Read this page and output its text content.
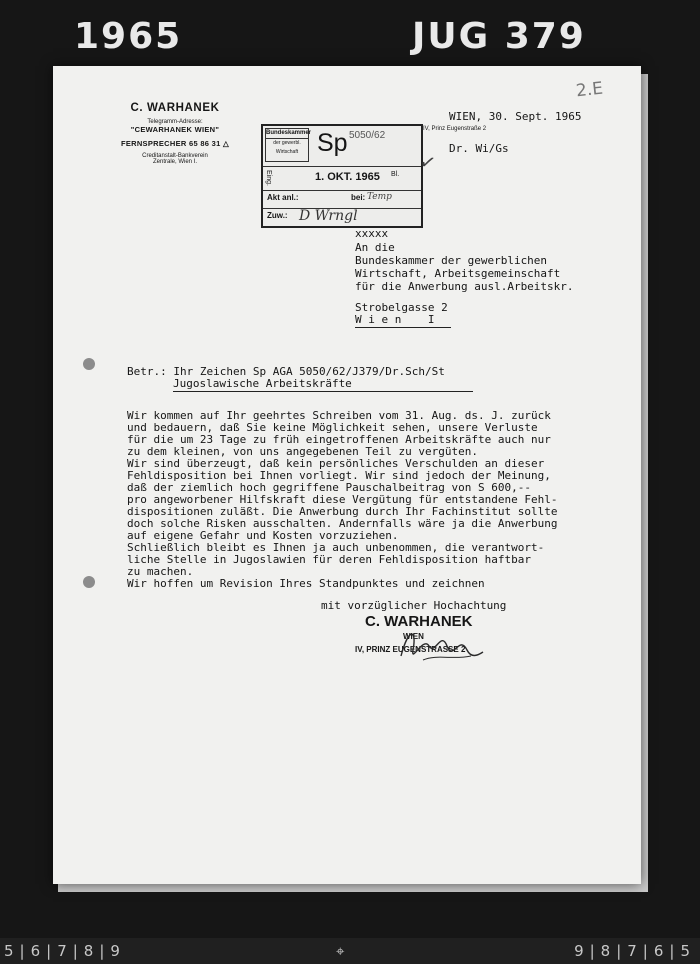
1965	JUG 379
C. WARHANEK
Telegramm-Adresse:
"CEWARHANEK WIEN"
FERNSPRECHER 65 86 31 △
Creditanstalt-Bankverein
Zentrale, Wien I.
2.E
Bundeskammer
der gewerbl. Wirtschaft Sp 5050/62
Eing.	1. OKT. 1965 Bl.
Akt anl.:	bei: Temp
Zuw.: D Wrngl
✓
WIEN, 30. Sept. 1965
IV, Prinz Eugenstraße 2
Dr. Wi/Gs
xxxxx
An die
Bundeskammer der gewerblichen
Wirtschaft, Arbeitsgemeinschaft
für die Anwerbung ausl.Arbeitskr.
Strobelgasse 2
W i e n    I
Betr.: Ihr Zeichen Sp AGA 5050/62/J379/Dr.Sch/St
Jugoslawische Arbeitskräfte
Wir kommen auf Ihr geehrtes Schreiben vom 31. Aug. ds. J. zurück
und bedauern, daß Sie keine Möglichkeit sehen, unsere Verluste
für die um 23 Tage zu früh eingetroffenen Arbeitskräfte auch nur
zu dem kleinen, von uns angegebenen Teil zu vergüten.
Wir sind überzeugt, daß kein persönliches Verschulden an dieser
Fehldisposition bei Ihnen vorliegt. Wir sind jedoch der Meinung,
daß der ziemlich hoch gegriffene Pauschalbeitrag von S 600,--
pro angeworbener Hilfskraft diese Vergütung für entstandene Fehl-
dispositionen zuläßt. Die Anwerbung durch Ihr Fachinstitut sollte
doch solche Risken ausschalten. Andernfalls wäre ja die Anwerbung
auf eigene Gefahr und Kosten vorzuziehen.
Schließlich bleibt es Ihnen ja auch unbenommen, die verantwort-
liche Stelle in Jugoslawien für deren Fehldisposition haftbar
zu machen.
Wir hoffen um Revision Ihres Standpunktes und zeichnen
mit vorzüglicher Hochachtung
C. WARHANEK
WIEN
IV, PRINZ EUGENSTRASSE 2
5|6|7|8|9	⌖	9|8|7|6|5
